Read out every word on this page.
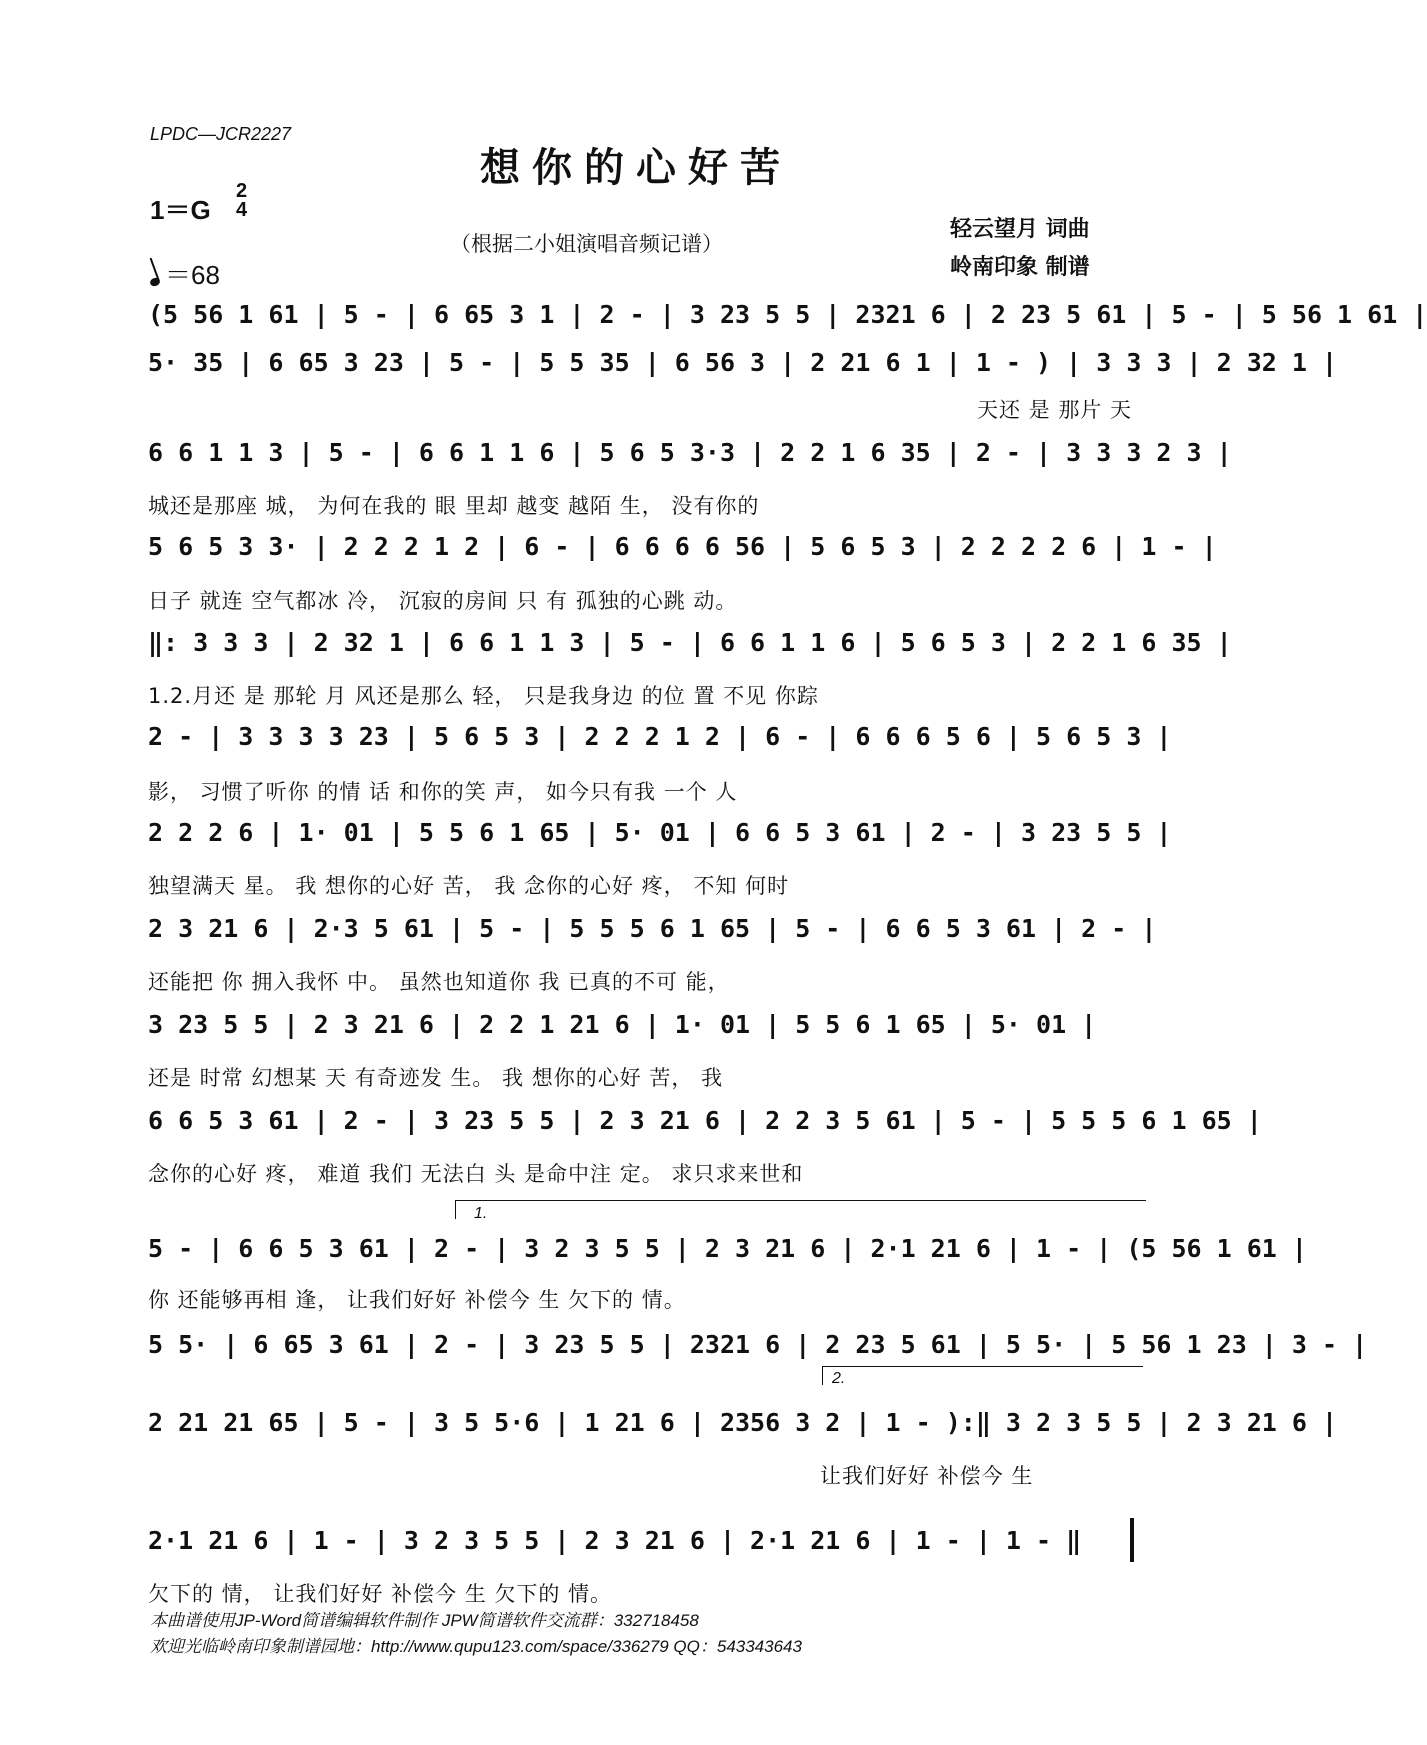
LPDC—JCR2227
想你的心好苦
1＝G
2
4
＝68
（根据二小姐演唱音频记谱）
轻云望月 词曲
岭南印象 制谱
(5 56 1 61 | 5 - | 6 65 3 1 | 2 - | 3 23 5 5 | 2321 6 | 2 23 5 61 | 5 - | 5 56 1 61 |
5· 35 | 6 65 3 23 | 5 - | 5 5 35 | 6 56 3 | 2 21 6 1 | 1 - ) | 3 3 3 | 2 32 1 |
天还 是 那片 天
6 6 1 1 3 | 5 - | 6 6 1 1 6 | 5 6 5 3·3 | 2 2 1 6 35 | 2 - | 3 3 3 2 3 |
城还是那座 城， 为何在我的 眼 里却 越变 越陌 生， 没有你的
5 6 5 3 3· | 2 2 2 1 2 | 6 - | 6 6 6 6 56 | 5 6 5 3 | 2 2 2 2 6 | 1 - |
日子 就连 空气都冰 冷， 沉寂的房间 只 有 孤独的心跳 动。
‖: 3 3 3 | 2 32 1 | 6 6 1 1 3 | 5 - | 6 6 1 1 6 | 5 6 5 3 | 2 2 1 6 35 |
1.2.月还 是 那轮 月 风还是那么 轻， 只是我身边 的位 置 不见 你踪
2 - | 3 3 3 3 23 | 5 6 5 3 | 2 2 2 1 2 | 6 - | 6 6 6 5 6 | 5 6 5 3 |
影， 习惯了听你 的情 话 和你的笑 声， 如今只有我 一个 人
2 2 2 6 | 1· 01 | 5 5 6 1 65 | 5· 01 | 6 6 5 3 61 | 2 - | 3 23 5 5 |
独望满天 星。 我 想你的心好 苦， 我 念你的心好 疼， 不知 何时
2 3 21 6 | 2·3 5 61 | 5 - | 5 5 5 6 1 65 | 5 - | 6 6 5 3 61 | 2 - |
还能把 你 拥入我怀 中。 虽然也知道你 我 已真的不可 能，
3 23 5 5 | 2 3 21 6 | 2 2 1 21 6 | 1· 01 | 5 5 6 1 65 | 5· 01 |
还是 时常 幻想某 天 有奇迹发 生。 我 想你的心好 苦， 我
6 6 5 3 61 | 2 - | 3 23 5 5 | 2 3 21 6 | 2 2 3 5 61 | 5 - | 5 5 5 6 1 65 |
念你的心好 疼， 难道 我们 无法白 头 是命中注 定。 求只求来世和
1.
5 - | 6 6 5 3 61 | 2 - | 3 2 3 5 5 | 2 3 21 6 | 2·1 21 6 | 1 - | (5 56 1 61 |
你 还能够再相 逢， 让我们好好 补偿今 生 欠下的 情。
5 5· | 6 65 3 61 | 2 - | 3 23 5 5 | 2321 6 | 2 23 5 61 | 5 5· | 5 56 1 23 | 3 - |
2.
2 21 21 65 | 5 - | 3 5 5·6 | 1 21 6 | 2356 3 2 | 1 - ):‖ 3 2 3 5 5 | 2 3 21 6 |
让我们好好 补偿今 生
2·1 21 6 | 1 - | 3 2 3 5 5 | 2 3 21 6 | 2·1 21 6 | 1 - | 1 - ‖
欠下的 情， 让我们好好 补偿今 生 欠下的 情。
本曲谱使用JP-Word简谱编辑软件制作 JPW简谱软件交流群：332718458
欢迎光临岭南印象制谱园地：http://www.qupu123.com/space/336279 QQ：543343643
